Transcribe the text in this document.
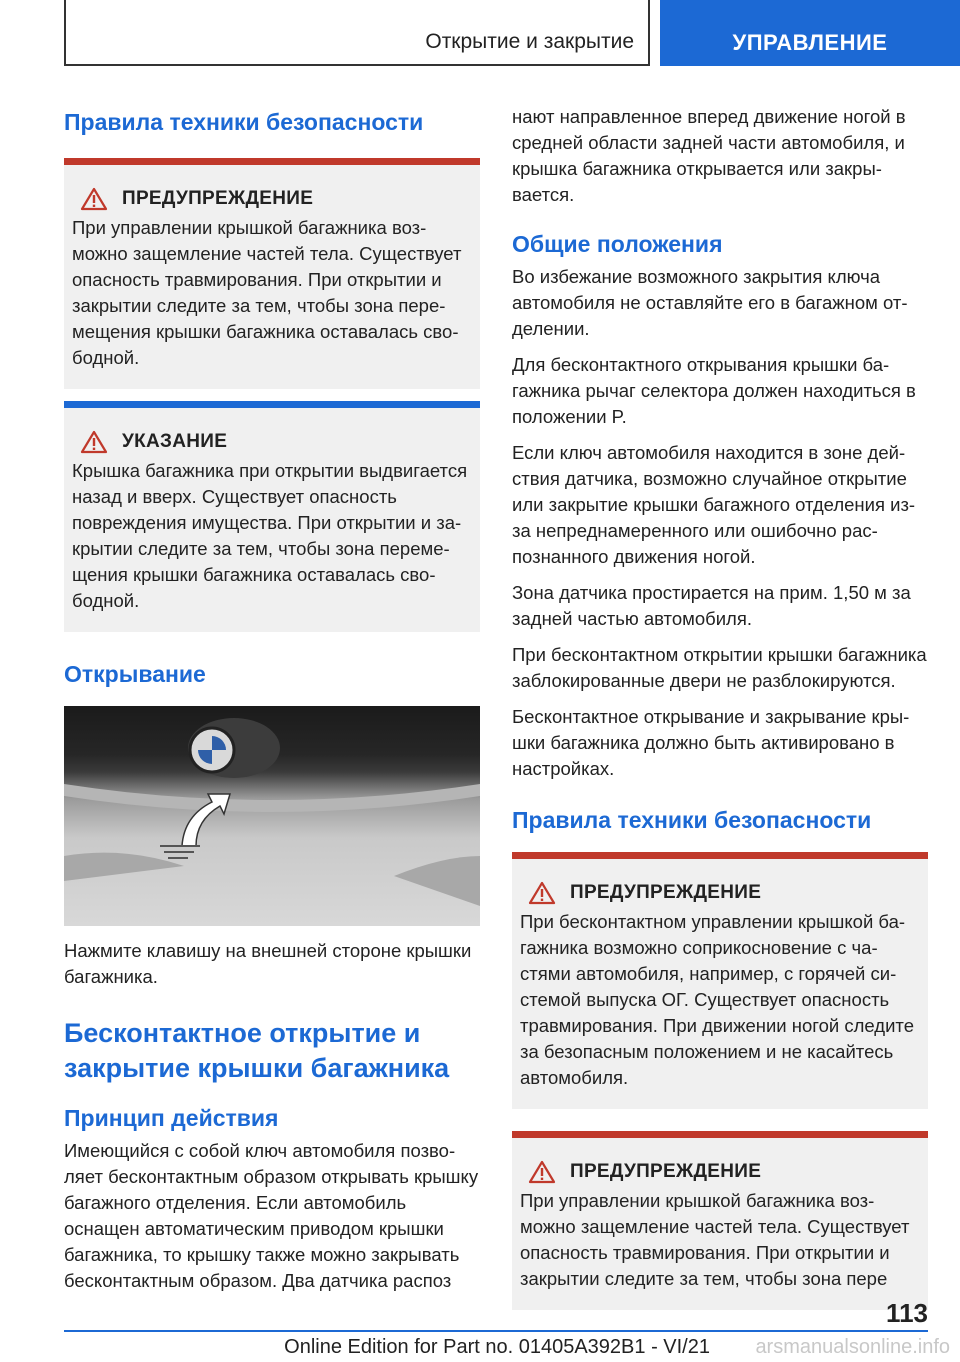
Открытие и закрытие	УПРАВЛЕНИЕ
Правила техники безопасности
ПРЕДУПРЕЖДЕНИЕ

При управлении крышкой багажника возможно защемление частей тела. Существует опасность травмирования. При открытии и закрытии следите за тем, чтобы зона перемещения крышки багажника оставалась свободной.

УКАЗАНИЕ

Крышка багажника при открытии выдвигается назад и вверх. Существует опасность повреждения имущества. При открытии и закрытии следите за тем, чтобы зона перемещения крышки багажника оставалась свободной.

Открывание

Нажмите клавишу на внешней стороне крышки багажника.

Бесконтактное открытие и закрытие крышки багажника
Принцип действия

Имеющийся с собой ключ автомобиля позволяет бесконтактным образом открывать крышку багажного отделения. Если автомобиль оснащен автоматическим приводом крышки багажника, то крышку также можно закрывать бесконтактным образом. Два датчика распоз

нают направленное вперед движение ногой в средней области задней части автомобиля, и крышка багажника открывается или закрывается.

Общие положения

Во избежание возможного закрытия ключа автомобиля не оставляйте его в багажном отделении.

Для бесконтактного открывания крышки багажника рычаг селектора должен находиться в положении P.

Если ключ автомобиля находится в зоне действия датчика, возможно случайное открытие или закрытие крышки багажного отделения из-за непреднамеренного или ошибочно распознанного движения ногой.

Зона датчика простирается на прим. 1,50 м за задней частью автомобиля.

При бесконтактном открытии крышки багажника заблокированные двери не разблокируются.

Бесконтактное открывание и закрывание крышки багажника должно быть активировано в настройках.

Правила техники безопасности
ПРЕДУПРЕЖДЕНИЕ

При бесконтактном управлении крышкой багажника возможно соприкосновение с частями автомобиля, например, с горячей системой выпуска ОГ. Существует опасность травмирования. При движении ногой следите за безопасным положением и не касайтесь автомобиля.

ПРЕДУПРЕЖДЕНИЕ

При управлении крышкой багажника возможно защемление частей тела. Существует опасность травмирования. При открытии и закрытии следите за тем, чтобы зона пере

113
Online Edition for Part no. 01405A392B1 - VI/21 arsmanualsonline.info
